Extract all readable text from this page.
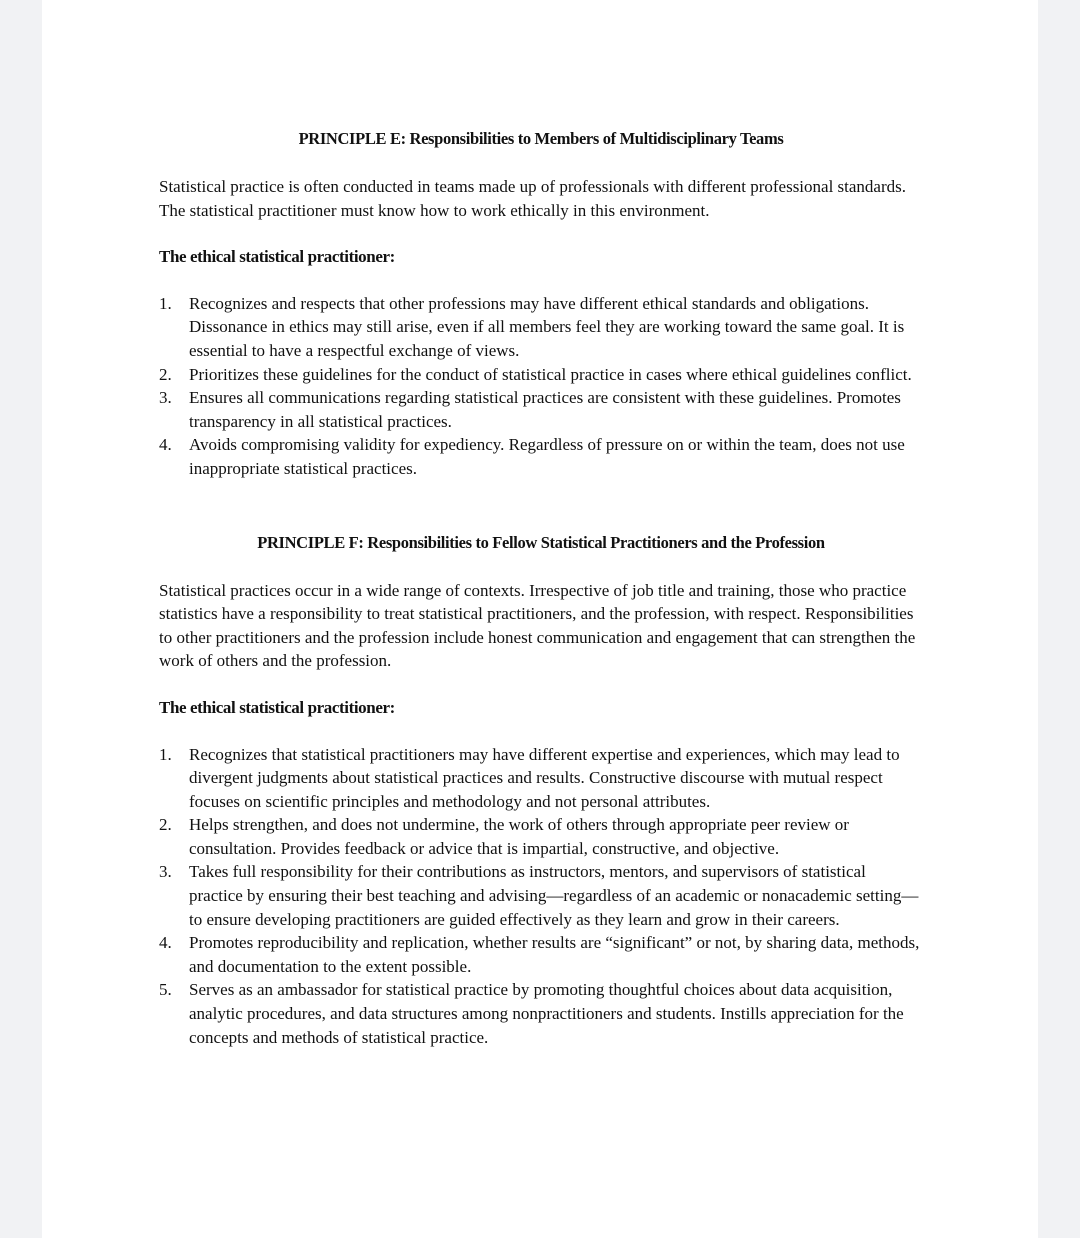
PRINCIPLE E: Responsibilities to Members of Multidisciplinary Teams

Statistical practice is often conducted in teams made up of professionals with different professional standards. The statistical practitioner must know how to work ethically in this environment.

The ethical statistical practitioner:

1. Recognizes and respects that other professions may have different ethical standards and obligations. Dissonance in ethics may still arise, even if all members feel they are working toward the same goal. It is essential to have a respectful exchange of views.
2. Prioritizes these guidelines for the conduct of statistical practice in cases where ethical guidelines conflict.
3. Ensures all communications regarding statistical practices are consistent with these guidelines. Promotes transparency in all statistical practices.
4. Avoids compromising validity for expediency. Regardless of pressure on or within the team, does not use inappropriate statistical practices.
PRINCIPLE F: Responsibilities to Fellow Statistical Practitioners and the Profession

Statistical practices occur in a wide range of contexts. Irrespective of job title and training, those who practice statistics have a responsibility to treat statistical practitioners, and the profession, with respect. Responsibilities to other practitioners and the profession include honest communication and engagement that can strengthen the work of others and the profession.

The ethical statistical practitioner:

1. Recognizes that statistical practitioners may have different expertise and experiences, which may lead to divergent judgments about statistical practices and results. Constructive discourse with mutual respect focuses on scientific principles and methodology and not personal attributes.
2. Helps strengthen, and does not undermine, the work of others through appropriate peer review or consultation. Provides feedback or advice that is impartial, constructive, and objective.
3. Takes full responsibility for their contributions as instructors, mentors, and supervisors of statistical practice by ensuring their best teaching and advising—regardless of an academic or nonacademic setting—to ensure developing practitioners are guided effectively as they learn and grow in their careers.
4. Promotes reproducibility and replication, whether results are “significant” or not, by sharing data, methods, and documentation to the extent possible.
5. Serves as an ambassador for statistical practice by promoting thoughtful choices about data acquisition, analytic procedures, and data structures among nonpractitioners and students. Instills appreciation for the concepts and methods of statistical practice.
